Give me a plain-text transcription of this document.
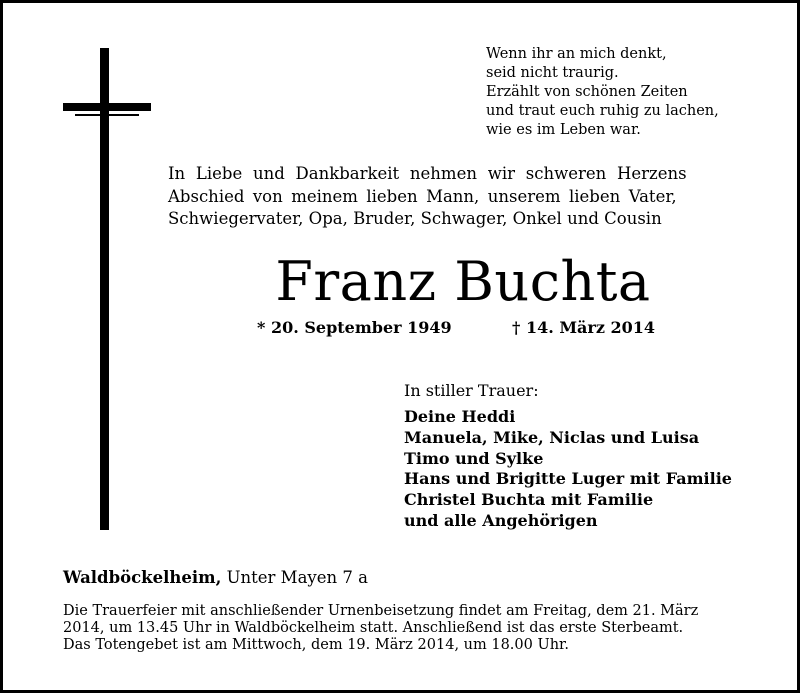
Wenn ihr an mich denkt,
seid nicht traurig.
Erzählt von schönen Zeiten
und traut euch ruhig zu lachen,
wie es im Leben war.
In Liebe und Dankbarkeit nehmen wir schweren Herzens
Abschied von meinem lieben Mann, unserem lieben Vater,
Schwiegervater, Opa, Bruder, Schwager, Onkel und Cousin
Franz Buchta
* 20. September 1949	† 14. März 2014
In stiller Trauer:
Deine Heddi
Manuela, Mike, Niclas und Luisa
Timo und Sylke
Hans und Brigitte Luger mit Familie
Christel Buchta mit Familie
und alle Angehörigen
Waldböckelheim, Unter Mayen 7 a
Die Trauerfeier mit anschließender Urnenbeisetzung findet am Freitag, dem 21. März
2014, um 13.45 Uhr in Waldböckelheim statt. Anschließend ist das erste Sterbeamt.
Das Totengebet ist am Mittwoch, dem 19. März 2014, um 18.00 Uhr.
